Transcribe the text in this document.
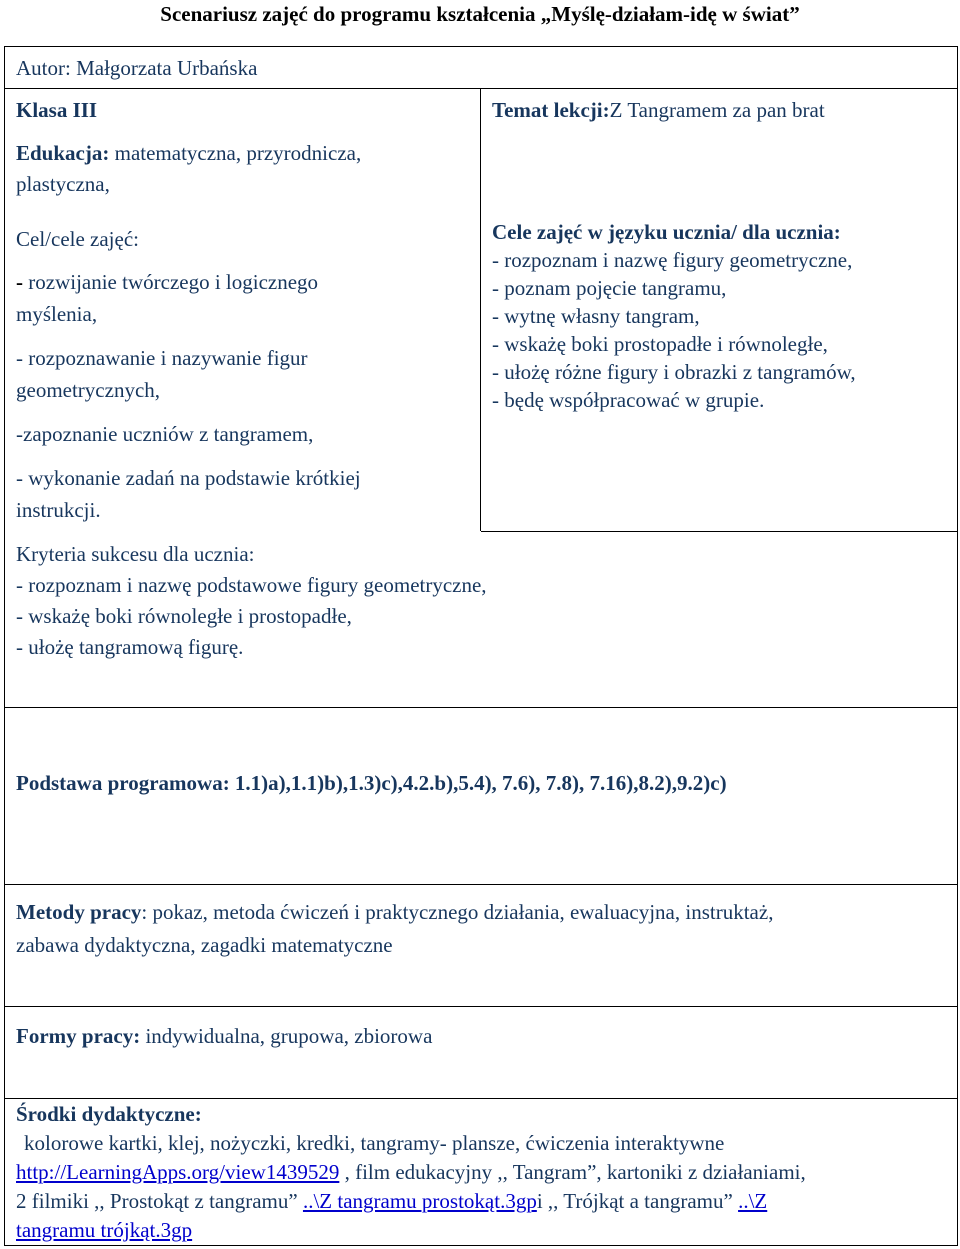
Scenariusz zajęć do programu kształcenia „Myślę-działam-idę w świat”
Autor: Małgorzata Urbańska

Klasa III

Edukacja: matematyczna, przyrodnicza,
plastyczna,

Cel/cele zajęć:

- rozwijanie twórczego i logicznego

myślenia,

- rozpoznawanie i nazywanie figur

geometrycznych,

-zapoznanie uczniów z tangramem,

- wykonanie zadań na podstawie krótkiej

instrukcji.

Temat lekcji:Z Tangramem za pan brat

Cele zajęć w języku ucznia/ dla ucznia:

- rozpoznam i nazwę figury geometryczne,

- poznam pojęcie tangramu,

- wytnę własny tangram,

- wskażę boki prostopadłe i równoległe,

- ułożę różne figury i obrazki z tangramów,

- będę współpracować w grupie.

Kryteria sukcesu dla ucznia:

- rozpoznam i nazwę podstawowe figury geometryczne,

- wskażę boki równoległe i prostopadłe,

- ułożę tangramową figurę.

Podstawa programowa: 1.1)a),1.1)b),1.3)c),4.2.b),5.4), 7.6), 7.8), 7.16),8.2),9.2)c)

Metody pracy: pokaz, metoda ćwiczeń i praktycznego działania, ewaluacyjna, instruktaż,

zabawa dydaktyczna, zagadki matematyczne

Formy pracy: indywidualna, grupowa, zbiorowa

Środki dydaktyczne:

kolorowe kartki, klej, nożyczki, kredki, tangramy- plansze, ćwiczenia interaktywne

http://LearningApps.org/view1439529 , film edukacyjny ,, Tangram”, kartoniki z działaniami,

2 filmiki ,, Prostokąt z tangramu” ..\Z tangramu prostokąt.3gpi ,, Trójkąt a tangramu” ..\Z

tangramu trójkąt.3gp
